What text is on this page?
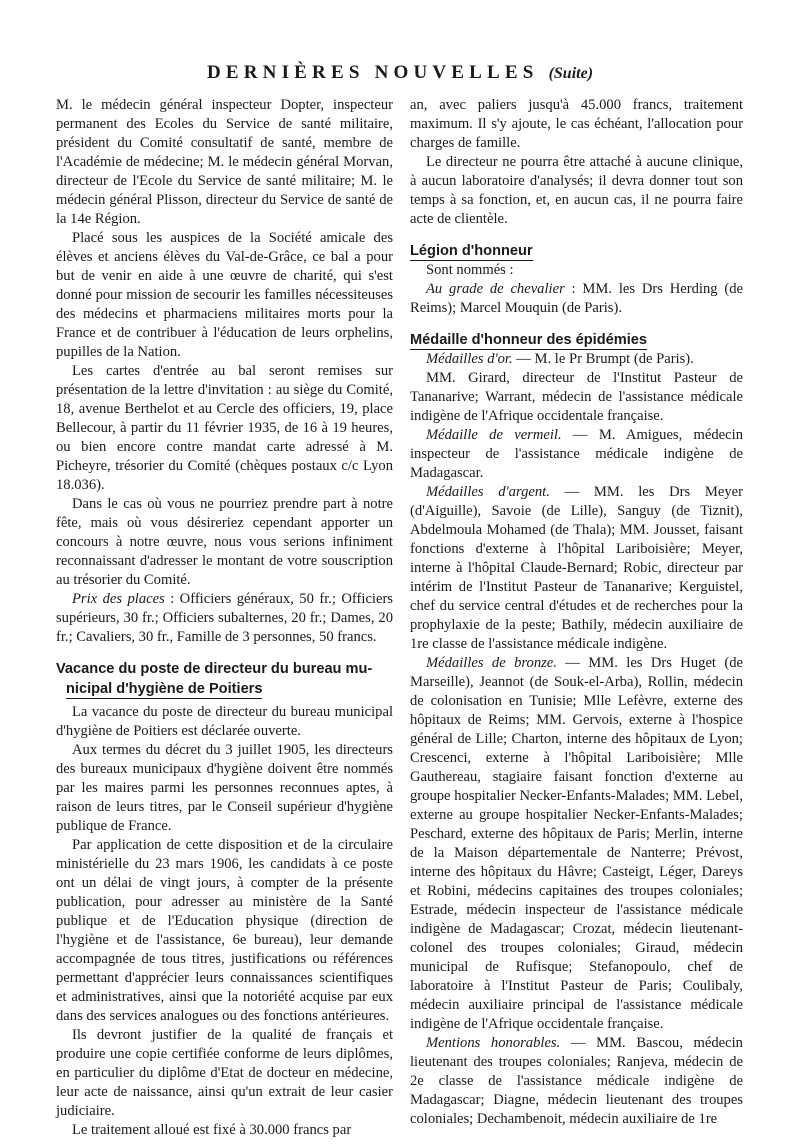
DERNIÈRES NOUVELLES (Suite)

M. le médecin général inspecteur Dopter, inspecteur permanent des Ecoles du Service de santé militaire, président du Comité consultatif de santé, membre de l'Académie de médecine; M. le médecin général Morvan, directeur de l'Ecole du Service de santé militaire; M. le médecin général Plisson, directeur du Service de santé de la 14e Région.

Placé sous les auspices de la Société amicale des élèves et anciens élèves du Val-de-Grâce, ce bal a pour but de venir en aide à une œuvre de charité, qui s'est donné pour mission de secourir les familles nécessiteuses des médecins et pharmaciens militaires morts pour la France et de contribuer à l'éducation de leurs orphelins, pupilles de la Nation.

Les cartes d'entrée au bal seront remises sur présentation de la lettre d'invitation : au siège du Comité, 18, avenue Berthelot et au Cercle des officiers, 19, place Bellecour, à partir du 11 février 1935, de 16 à 19 heures, ou bien encore contre mandat carte adressé à M. Picheyre, trésorier du Comité (chèques postaux c/c Lyon 18.036).

Dans le cas où vous ne pourriez prendre part à notre fête, mais où vous désireriez cependant apporter un concours à notre œuvre, nous vous serions infiniment reconnaissant d'adresser le montant de votre souscription au trésorier du Comité.

Prix des places : Officiers généraux, 50 fr.; Officiers supérieurs, 30 fr.; Officiers subalternes, 20 fr.; Dames, 20 fr.; Cavaliers, 30 fr., Famille de 3 personnes, 50 francs.

Vacance du poste de directeur du bureau mu-
nicipal d'hygiène de Poitiers

La vacance du poste de directeur du bureau municipal d'hygiène de Poitiers est déclarée ouverte.

Aux termes du décret du 3 juillet 1905, les directeurs des bureaux municipaux d'hygiène doivent être nommés par les maires parmi les personnes reconnues aptes, à raison de leurs titres, par le Conseil supérieur d'hygiène publique de France.

Par application de cette disposition et de la circulaire ministérielle du 23 mars 1906, les candidats à ce poste ont un délai de vingt jours, à compter de la présente publication, pour adresser au ministère de la Santé publique et de l'Education physique (direction de l'hygiène et de l'assistance, 6e bureau), leur demande accompagnée de tous titres, justifications ou références permettant d'apprécier leurs connaissances scientifiques et administratives, ainsi que la notoriété acquise par eux dans des services analogues ou des fonctions antérieures.

Ils devront justifier de la qualité de français et produire une copie certifiée conforme de leurs diplômes, en particulier du diplôme d'Etat de docteur en médecine, leur acte de naissance, ainsi qu'un extrait de leur casier judiciaire.

Le traitement alloué est fixé à 30.000 francs par

an, avec paliers jusqu'à 45.000 francs, traitement maximum. Il s'y ajoute, le cas échéant, l'allocation pour charges de famille.

Le directeur ne pourra être attaché à aucune clinique, à aucun laboratoire d'analysés; il devra donner tout son temps à sa fonction, et, en aucun cas, il ne pourra faire acte de clientèle.

Légion d'honneur

Sont nommés :

Au grade de chevalier : MM. les Drs Herding (de Reims); Marcel Mouquin (de Paris).

Médaille d'honneur des épidémies

Médailles d'or. — M. le Pr Brumpt (de Paris).

MM. Girard, directeur de l'Institut Pasteur de Tananarive; Warrant, médecin de l'assistance médicale indigène de l'Afrique occidentale française.

Médaille de vermeil. — M. Amigues, médecin inspecteur de l'assistance médicale indigène de Madagascar.

Médailles d'argent. — MM. les Drs Meyer (d'Aiguille), Savoie (de Lille), Sanguy (de Tiznit), Abdelmoula Mohamed (de Thala); MM. Jousset, faisant fonctions d'externe à l'hôpital Lariboisière; Meyer, interne à l'hôpital Claude-Bernard; Robic, directeur par intérim de l'Institut Pasteur de Tananarive; Kerguistel, chef du service central d'études et de recherches pour la prophylaxie de la peste; Bathily, médecin auxiliaire de 1re classe de l'assistance médicale indigène.

Médailles de bronze. — MM. les Drs Huget (de Marseille), Jeannot (de Souk-el-Arba), Rollin, médecin de colonisation en Tunisie; Mlle Lefèvre, externe des hôpitaux de Reims; MM. Gervois, externe à l'hospice général de Lille; Charton, interne des hôpitaux de Lyon; Crescenci, externe à l'hôpital Lariboisière; Mlle Gauthereau, stagiaire faisant fonction d'externe au groupe hospitalier Necker-Enfants-Malades; MM. Lebel, externe au groupe hospitalier Necker-Enfants-Malades; Peschard, externe des hôpitaux de Paris; Merlin, interne de la Maison départementale de Nanterre; Prévost, interne des hôpitaux du Hâvre; Casteigt, Léger, Dareys et Robini, médecins capitaines des troupes coloniales; Estrade, médecin inspecteur de l'assistance médicale indigène de Madagascar; Crozat, médecin lieutenant-colonel des troupes coloniales; Giraud, médecin municipal de Rufisque; Stefanopoulo, chef de laboratoire à l'Institut Pasteur de Paris; Coulibaly, médecin auxiliaire principal de l'assistance médicale indigène de l'Afrique occidentale française.

Mentions honorables. — MM. Bascou, médecin lieutenant des troupes coloniales; Ranjeva, médecin de 2e classe de l'assistance médicale indigène de Madagascar; Diagne, médecin lieutenant des troupes coloniales; Dechambenoit, médecin auxiliaire de 1re
